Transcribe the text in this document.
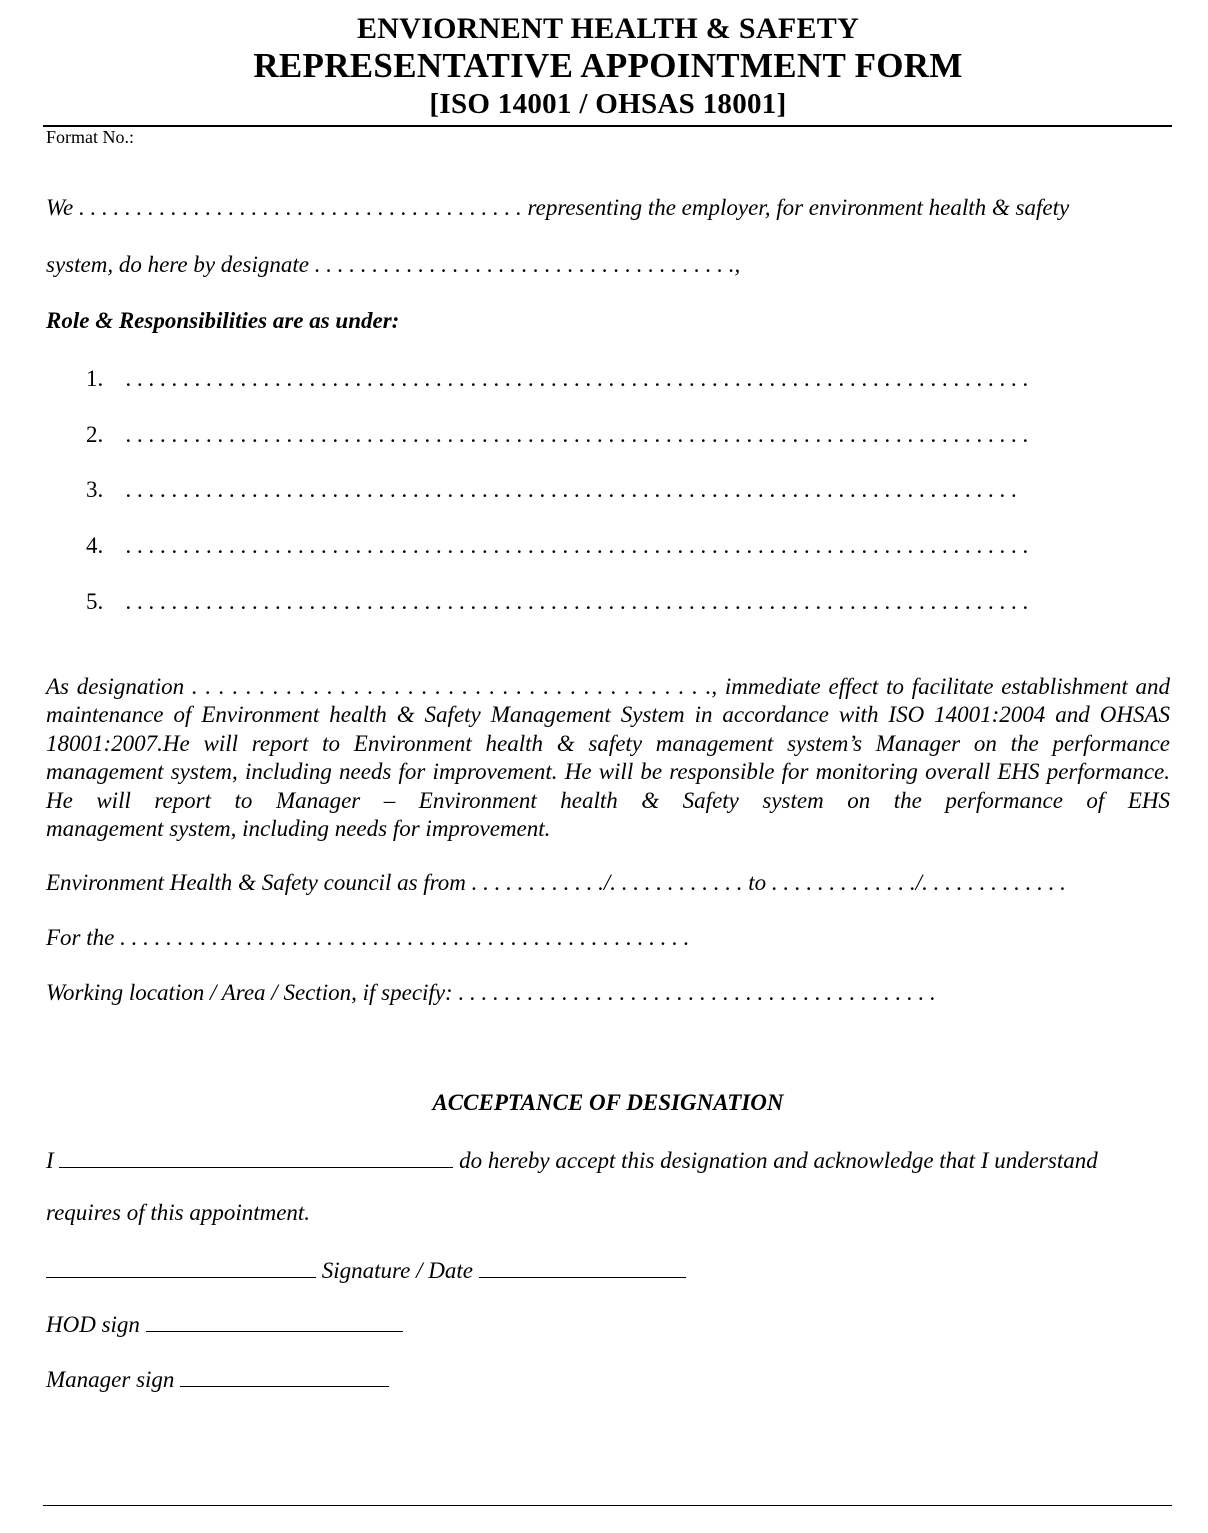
ENVIORNENT HEALTH & SAFETY
REPRESENTATIVE APPOINTMENT FORM
[ISO 14001 / OHSAS 18001]
Format No.:
We . . . . . . . . . . . . . . . . . . . . . . . . . . . . . . . . . . . . . . . representing the employer, for environment health & safety
system, do here by designate . . . . . . . . . . . . . . . . . . . . . . . . . . . . . . . . . . . . .,
Role & Responsibilities are as under:
1. . . . . . . . . . . . . . . . . . . . . . . . . . . . . . . . . . . . . . . . . . . . . . . . . . . . . . . . . . . . . . . . . . . . . . . . . . . . . . . .
2. . . . . . . . . . . . . . . . . . . . . . . . . . . . . . . . . . . . . . . . . . . . . . . . . . . . . . . . . . . . . . . . . . . . . . . . . . . . . . . .
3. . . . . . . . . . . . . . . . . . . . . . . . . . . . . . . . . . . . . . . . . . . . . . . . . . . . . . . . . . . . . . . . . . . . . . . . . . . . . . .
4. . . . . . . . . . . . . . . . . . . . . . . . . . . . . . . . . . . . . . . . . . . . . . . . . . . . . . . . . . . . . . . . . . . . . . . . . . . . . . . .
5. . . . . . . . . . . . . . . . . . . . . . . . . . . . . . . . . . . . . . . . . . . . . . . . . . . . . . . . . . . . . . . . . . . . . . . . . . . . . . . .
As designation . . . . . . . . . . . . . . . . . . . . . . . . . . . . . . . . . . . . . . ., immediate effect to facilitate establishment and maintenance of Environment health & Safety Management System in accordance with ISO 14001:2004 and OHSAS 18001:2007.He will report to Environment health & safety management system’s Manager on the performance management system, including needs for improvement. He will be responsible for monitoring overall EHS performance. He will report to Manager – Environment health & Safety system on the performance of EHS
management system, including needs for improvement.
Environment Health & Safety council as from . . . . . . . . . . . ./. . . . . . . . . . . . to . . . . . . . . . . . . ./. . . . . . . . . . . . .
For the . . . . . . . . . . . . . . . . . . . . . . . . . . . . . . . . . . . . . . . . . . . . . . . . . .
Working location / Area / Section, if specify: . . . . . . . . . . . . . . . . . . . . . . . . . . . . . . . . . . . . . . . . . .
ACCEPTANCE OF DESIGNATION
I	do hereby accept this designation and acknowledge that I understand
requires of this appointment.
Signature / Date
HOD sign
Manager sign
